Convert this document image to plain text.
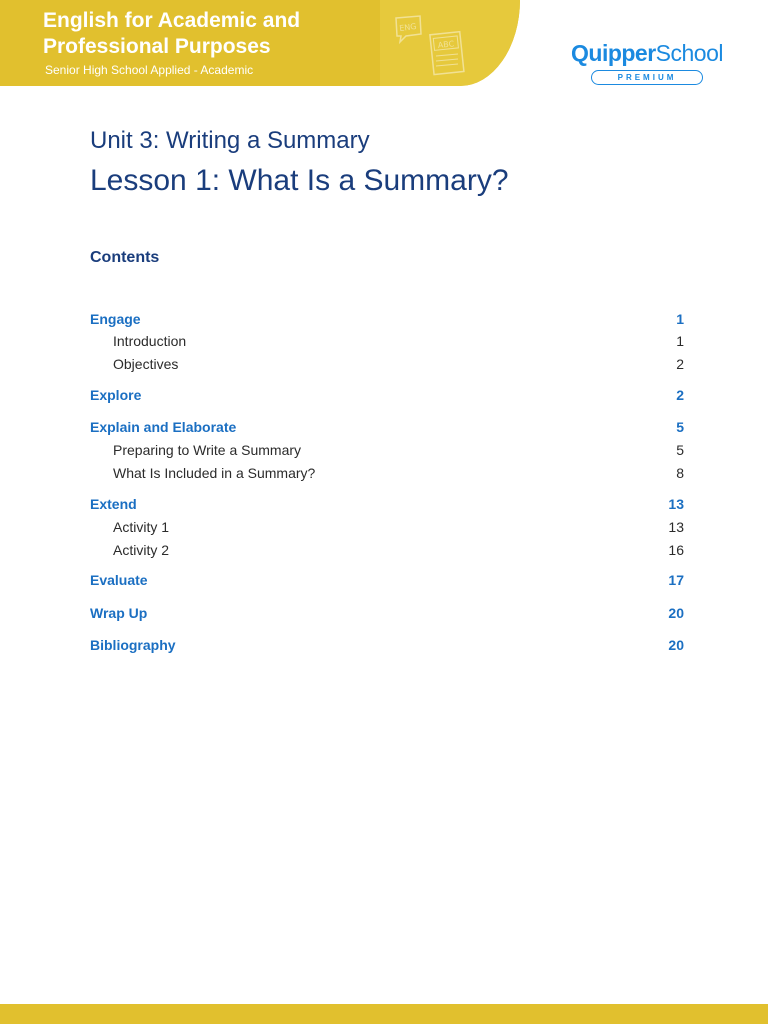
English for Academic and Professional Purposes
Senior High School Applied - Academic
ENG
ABC	QuipperSchool
PREMIUM
Unit 3: Writing a Summary
Lesson 1: What Is a Summary?
Contents
Engage	1
Introduction	1
Objectives	2
Explore	2
Explain and Elaborate	5
Preparing to Write a Summary	5
What Is Included in a Summary?	8
Extend	13
Activity 1	13
Activity 2	16
Evaluate	17
Wrap Up	20
Bibliography	20
